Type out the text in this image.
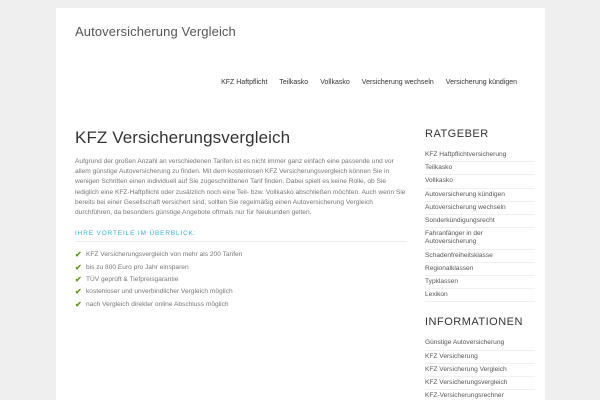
Autoversicherung Vergleich
KFZ Haftpflicht Teilkasko Vollkasko Versicherung wechseln Versicherung kündigen
KFZ Versicherungsvergleich

Aufgrund der großen Anzahl an verschiedenen Tarifen ist es nicht immer ganz einfach eine passende und vor allem günstige Autoversicherung zu finden. Mit dem kostenlosen KFZ Versicherungsvergleich können Sie in wenigen Schritten einen individuell auf Sie zugeschnittenen Tarif finden. Dabei spielt es keine Rolle, ob Sie lediglich eine KFZ-Haftpflicht oder zusätzlich noch eine Teil- bzw. Vollkasko abschließen möchten. Auch wenn Sie bereits bei einer Gesellschaft versichert sind, sollten Sie regelmäßig einen Autoversicherung Vergleich durchführen, da besonders günstige Angebote oftmals nur für Neukunden gelten.

IHRE VORTEILE IM ÜBERBLICK:
✔ KFZ Versicherungsvergleich von mehr als 200 Tarifen
✔ bis zu 800 Euro pro Jahr einsparen
✔ TÜV geprüft & Tiefpreisgarantie
✔ kostenloser und unverbindlicher Vergleich möglich
✔ nach Vergleich direkter online Abschluss möglich
RATGEBER
KFZ Haftpflichtversicherung
Teilkasko
Vollkasko
Autoversicherung kündigen
Autoversicherung wechseln
Sonderkündigungsrecht
Fahranfänger in der Autoversicherung
Schadenfreiheitsklasse
Regionalklassen
Typklassen
Lexikon
INFORMATIONEN
Günstige Autoversicherung
KFZ Versicherung
KFZ Versicherung Vergleich
KFZ Versicherungsvergleich
KFZ-Versicherungsrechner
